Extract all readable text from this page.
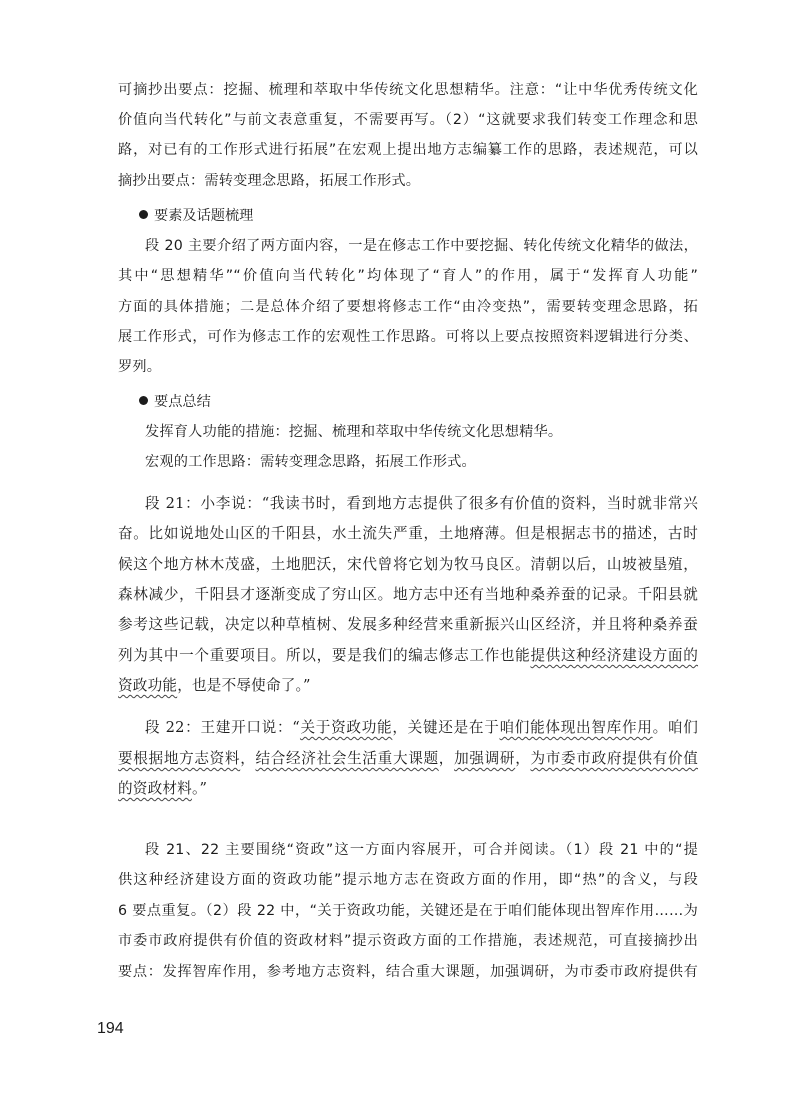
可摘抄出要点：挖掘、梳理和萃取中华传统文化思想精华。注意：“让中华优秀传统文化
价值向当代转化”与前文表意重复，不需要再写。（2）“这就要求我们转变工作理念和思
路，对已有的工作形式进行拓展”在宏观上提出地方志编纂工作的思路，表述规范，可以
摘抄出要点：需转变理念思路，拓展工作形式。
要素及话题梳理
段 20 主要介绍了两方面内容，一是在修志工作中要挖掘、转化传统文化精华的做法，
其中“思想精华”“价值向当代转化”均体现了“育人”的作用，属于“发挥育人功能”
方面的具体措施；二是总体介绍了要想将修志工作“由冷变热”，需要转变理念思路，拓
展工作形式，可作为修志工作的宏观性工作思路。可将以上要点按照资料逻辑进行分类、
罗列。
要点总结
发挥育人功能的措施：挖掘、梳理和萃取中华传统文化思想精华。
宏观的工作思路：需转变理念思路，拓展工作形式。
段 21：小李说：“我读书时，看到地方志提供了很多有价值的资料，当时就非常兴
奋。比如说地处山区的千阳县，水土流失严重，土地瘠薄。但是根据志书的描述，古时
候这个地方林木茂盛，土地肥沃，宋代曾将它划为牧马良区。清朝以后，山坡被垦殖，
森林减少，千阳县才逐渐变成了穷山区。地方志中还有当地种桑养蚕的记录。千阳县就
参考这些记载，决定以种草植树、发展多种经营来重新振兴山区经济，并且将种桑养蚕
列为其中一个重要项目。所以，要是我们的编志修志工作也能提供这种经济建设方面的
资政功能，也是不辱使命了。”
段 22：王建开口说：“关于资政功能，关键还是在于咱们能体现出智库作用。咱们
要根据地方志资料，结合经济社会生活重大课题，加强调研，为市委市政府提供有价值
的资政材料。”
段 21、22 主要围绕“资政”这一方面内容展开，可合并阅读。（1）段 21 中的“提
供这种经济建设方面的资政功能”提示地方志在资政方面的作用，即“热”的含义，与段
6 要点重复。（2）段 22 中，“关于资政功能，关键还是在于咱们能体现出智库作用……为
市委市政府提供有价值的资政材料”提示资政方面的工作措施，表述规范，可直接摘抄出
要点：发挥智库作用，参考地方志资料，结合重大课题，加强调研，为市委市政府提供有
194
